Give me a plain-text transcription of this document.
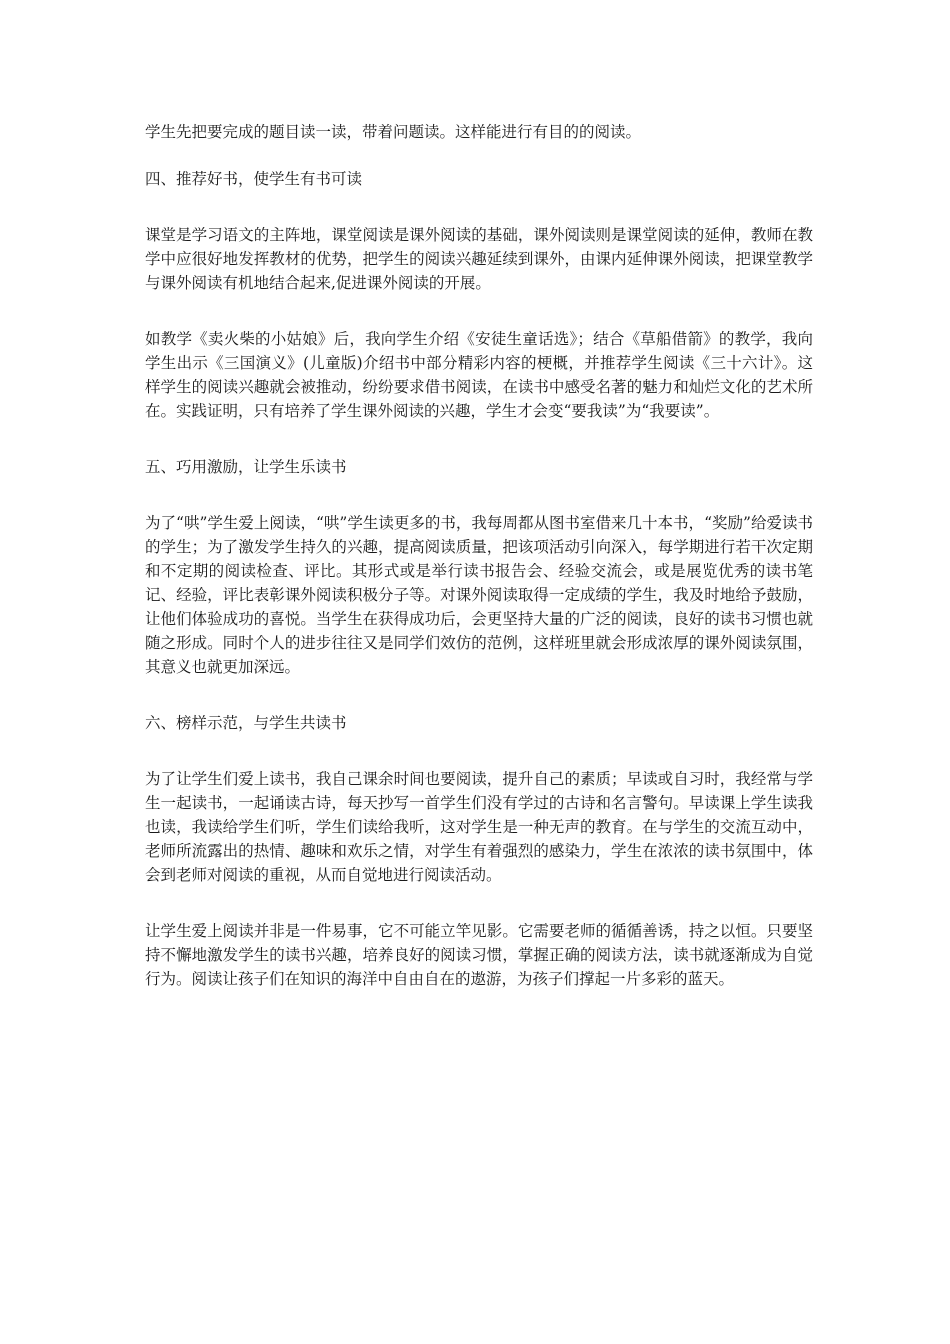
学生先把要完成的题目读一读，带着问题读。这样能进行有目的的阅读。

四、推荐好书，使学生有书可读

课堂是学习语文的主阵地，课堂阅读是课外阅读的基础，课外阅读则是课堂阅读的延伸，教师在教学中应很好地发挥教材的优势，把学生的阅读兴趣延续到课外，由课内延伸课外阅读，把课堂教学与课外阅读有机地结合起来,促进课外阅读的开展。

如教学《卖火柴的小姑娘》后，我向学生介绍《安徒生童话选》；结合《草船借箭》的教学，我向学生出示《三国演义》(儿童版)介绍书中部分精彩内容的梗概，并推荐学生阅读《三十六计》。这样学生的阅读兴趣就会被推动，纷纷要求借书阅读，在读书中感受名著的魅力和灿烂文化的艺术所在。实践证明，只有培养了学生课外阅读的兴趣，学生才会变“要我读”为“我要读”。

五、巧用激励，让学生乐读书

为了“哄”学生爱上阅读，“哄”学生读更多的书，我每周都从图书室借来几十本书，“奖励”给爱读书的学生；为了激发学生持久的兴趣，提高阅读质量，把该项活动引向深入，每学期进行若干次定期和不定期的阅读检查、评比。其形式或是举行读书报告会、经验交流会，或是展览优秀的读书笔记、经验，评比表彰课外阅读积极分子等。对课外阅读取得一定成绩的学生，我及时地给予鼓励，让他们体验成功的喜悦。当学生在获得成功后，会更坚持大量的广泛的阅读，良好的读书习惯也就随之形成。同时个人的进步往往又是同学们效仿的范例，这样班里就会形成浓厚的课外阅读氛围，其意义也就更加深远。

六、榜样示范，与学生共读书

为了让学生们爱上读书，我自己课余时间也要阅读，提升自己的素质；早读或自习时，我经常与学生一起读书，一起诵读古诗，每天抄写一首学生们没有学过的古诗和名言警句。早读课上学生读我也读，我读给学生们听，学生们读给我听，这对学生是一种无声的教育。在与学生的交流互动中，老师所流露出的热情、趣味和欢乐之情，对学生有着强烈的感染力，学生在浓浓的读书氛围中，体会到老师对阅读的重视，从而自觉地进行阅读活动。

让学生爱上阅读并非是一件易事，它不可能立竿见影。它需要老师的循循善诱，持之以恒。只要坚持不懈地激发学生的读书兴趣，培养良好的阅读习惯，掌握正确的阅读方法，读书就逐渐成为自觉行为。阅读让孩子们在知识的海洋中自由自在的遨游，为孩子们撑起一片多彩的蓝天。
